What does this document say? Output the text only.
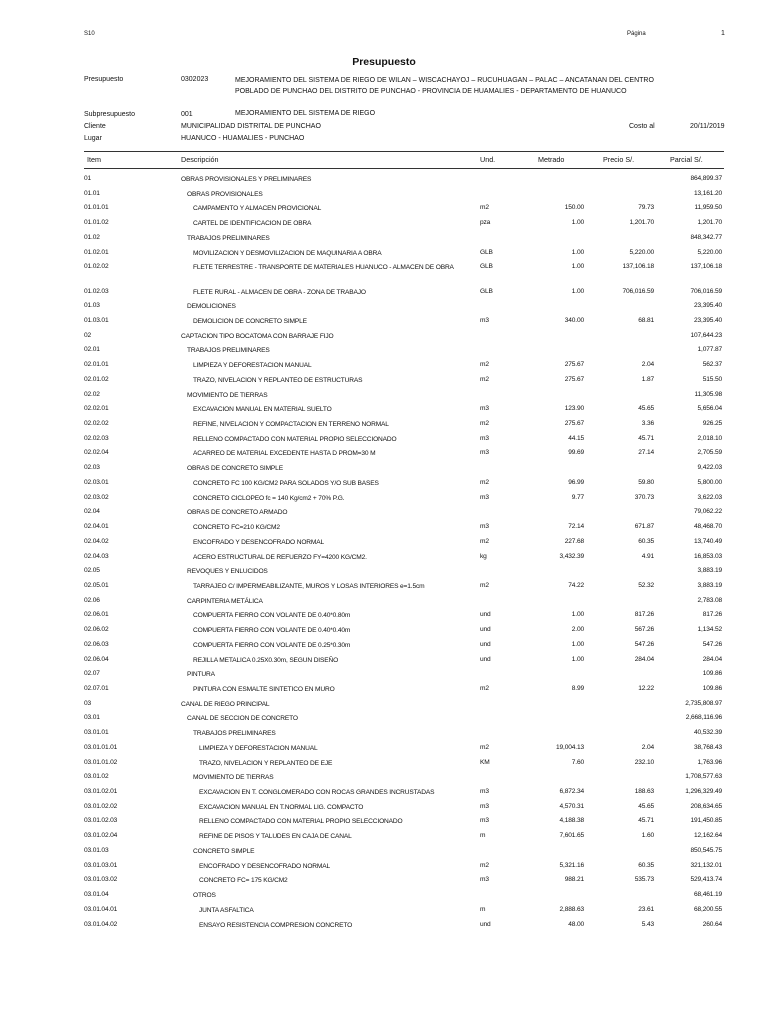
S10	Página	1
Presupuesto
Presupuesto	0302023	MEJORAMIENTO DEL SISTEMA DE RIEGO DE WILAN – WISCACHAYOJ – RUCUHUAGAN – PALAC – ANCATANAN DEL CENTRO POBLADO DE PUNCHAO DEL DISTRITO DE PUNCHAO - PROVINCIA DE HUAMALIES - DEPARTAMENTO DE HUANUCO
Subpresupuesto	001	MEJORAMIENTO DEL SISTEMA DE RIEGO
Cliente	MUNICIPALIDAD DISTRITAL DE PUNCHAO	Costo al	20/11/2019
Lugar	HUANUCO - HUAMALIES - PUNCHAO
Item	Descripción	Und.	Metrado	Precio S/.	Parcial S/.
01	OBRAS PROVISIONALES Y PRELIMINARES	864,899.37
01.01	OBRAS PROVISIONALES	13,161.20
01.01.01	CAMPAMENTO Y ALMACEN PROVICIONAL	m2	150.00	79.73	11,959.50
01.01.02	CARTEL DE IDENTIFICACION DE OBRA	pza	1.00	1,201.70	1,201.70
01.02	TRABAJOS PRELIMINARES	848,342.77
01.02.01	MOVILIZACION Y DESMOVILIZACION DE MAQUINARIA A OBRA	GLB	1.00	5,220.00	5,220.00
01.02.02	FLETE TERRESTRE - TRANSPORTE DE MATERIALES HUANUCO - ALMACEN DE OBRA	GLB	1.00	137,106.18	137,106.18
01.02.03	FLETE RURAL - ALMACEN DE OBRA - ZONA DE TRABAJO	GLB	1.00	706,016.59	706,016.59
01.03	DEMOLICIONES	23,395.40
01.03.01	DEMOLICION DE CONCRETO SIMPLE	m3	340.00	68.81	23,395.40
02	CAPTACION TIPO BOCATOMA CON BARRAJE FIJO	107,644.23
02.01	TRABAJOS PRELIMINARES	1,077.87
02.01.01	LIMPIEZA Y DEFORESTACION MANUAL	m2	275.67	2.04	562.37
02.01.02	TRAZO, NIVELACION Y REPLANTEO DE ESTRUCTURAS	m2	275.67	1.87	515.50
02.02	MOVIMIENTO DE TIERRAS	11,305.98
02.02.01	EXCAVACION MANUAL EN MATERIAL SUELTO	m3	123.90	45.65	5,656.04
02.02.02	REFINE, NIVELACION Y COMPACTACION EN TERRENO NORMAL	m2	275.67	3.36	926.25
02.02.03	RELLENO COMPACTADO CON MATERIAL PROPIO SELECCIONADO	m3	44.15	45.71	2,018.10
02.02.04	ACARREO DE MATERIAL EXCEDENTE HASTA D PROM=30 M	m3	99.69	27.14	2,705.59
02.03	OBRAS DE CONCRETO SIMPLE	9,422.03
02.03.01	CONCRETO FC 100 KG/CM2 PARA SOLADOS Y/O SUB BASES	m2	96.99	59.80	5,800.00
02.03.02	CONCRETO CICLOPEO fc = 140 Kg/cm2 + 70% P.G.	m3	9.77	370.73	3,622.03
02.04	OBRAS DE CONCRETO ARMADO	79,062.22
02.04.01	CONCRETO FC=210 KG/CM2	m3	72.14	671.87	48,468.70
02.04.02	ENCOFRADO Y DESENCOFRADO NORMAL	m2	227.68	60.35	13,740.49
02.04.03	ACERO ESTRUCTURAL DE REFUERZO FY=4200 KG/CM2.	kg	3,432.39	4.91	16,853.03
02.05	REVOQUES Y ENLUCIDOS	3,883.19
02.05.01	TARRAJEO C/ IMPERMEABILIZANTE, MUROS Y LOSAS INTERIORES e=1.5cm	m2	74.22	52.32	3,883.19
02.06	CARPINTERIA METÁLICA	2,783.08
02.06.01	COMPUERTA FIERRO CON VOLANTE DE 0.40*0.80m	und	1.00	817.26	817.26
02.06.02	COMPUERTA FIERRO CON VOLANTE DE 0.40*0.40m	und	2.00	567.26	1,134.52
02.06.03	COMPUERTA FIERRO CON VOLANTE DE 0.25*0.30m	und	1.00	547.26	547.26
02.06.04	REJILLA METALICA 0.25X0.30m, SEGUN DISEÑO	und	1.00	284.04	284.04
02.07	PINTURA	109.86
02.07.01	PINTURA CON ESMALTE SINTETICO EN MURO	m2	8.99	12.22	109.86
03	CANAL DE RIEGO PRINCIPAL	2,735,808.97
03.01	CANAL DE SECCION DE CONCRETO	2,668,116.96
03.01.01	TRABAJOS PRELIMINARES	40,532.39
03.01.01.01	LIMPIEZA Y DEFORESTACION MANUAL	m2	19,004.13	2.04	38,768.43
03.01.01.02	TRAZO, NIVELACION Y REPLANTEO DE EJE	KM	7.60	232.10	1,763.96
03.01.02	MOVIMIENTO DE TIERRAS	1,708,577.63
03.01.02.01	EXCAVACION EN T. CONGLOMERADO CON ROCAS GRANDES INCRUSTADAS	m3	6,872.34	188.63	1,296,329.49
03.01.02.02	EXCAVACION MANUAL EN T.NORMAL LIG. COMPACTO	m3	4,570.31	45.65	208,634.65
03.01.02.03	RELLENO COMPACTADO CON MATERIAL PROPIO SELECCIONADO	m3	4,188.38	45.71	191,450.85
03.01.02.04	REFINE DE PISOS Y TALUDES EN CAJA DE CANAL	m	7,601.65	1.60	12,162.64
03.01.03	CONCRETO SIMPLE	850,545.75
03.01.03.01	ENCOFRADO Y DESENCOFRADO NORMAL	m2	5,321.16	60.35	321,132.01
03.01.03.02	CONCRETO FC= 175 KG/CM2	m3	988.21	535.73	529,413.74
03.01.04	OTROS	68,461.19
03.01.04.01	JUNTA ASFALTICA	m	2,888.63	23.61	68,200.55
03.01.04.02	ENSAYO RESISTENCIA COMPRESION CONCRETO	und	48.00	5.43	260.64
